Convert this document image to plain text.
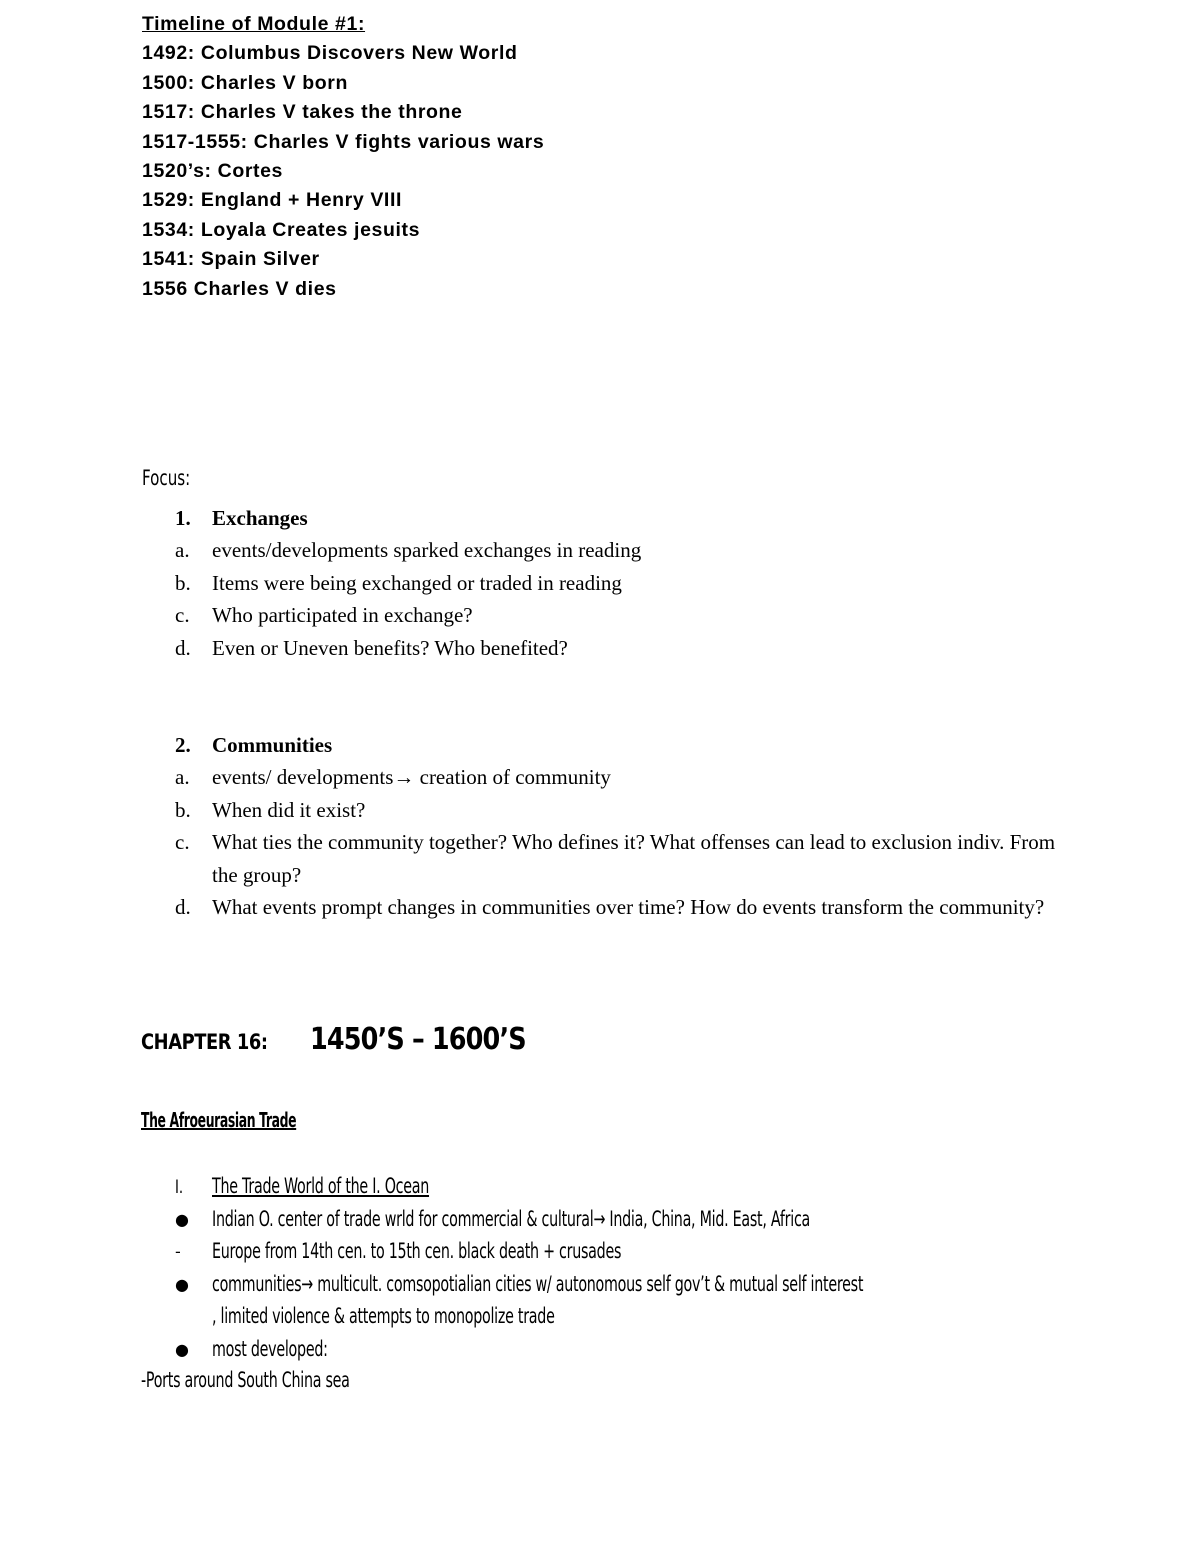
Timeline of Module #1:
1492: Columbus Discovers New World
1500: Charles V born
1517: Charles V takes the throne
1517-1555: Charles V fights various wars
1520’s: Cortes
1529: England + Henry VIII
1534: Loyala Creates jesuits
1541: Spain Silver
1556 Charles V dies
Focus:
1. Exchanges
a. events/developments sparked exchanges in reading
b. Items were being exchanged or traded in reading
c. Who participated in exchange?
d. Even or Uneven benefits? Who benefited?
2. Communities
a. events/ developments→ creation of community
b. When did it exist?
c. What ties the community together? Who defines it? What offenses can lead to exclusion indiv. From the group?
d. What events prompt changes in communities over time? How do events transform the community?
CHAPTER 16: 1450’S – 1600’S
The Afroeurasian Trade
I.	The Trade World of the I. Ocean
●	Indian O. center of trade wrld for commercial & cultural→ India, China, Mid. East, Africa
-	Europe from 14th cen. to 15th cen. black death + crusades
●	communities→ multicult. comsopotialian cities w/ autonomous self gov’t & mutual self interest
, limited violence & attempts to monopolize trade
●	most developed:
-Ports around South China sea
